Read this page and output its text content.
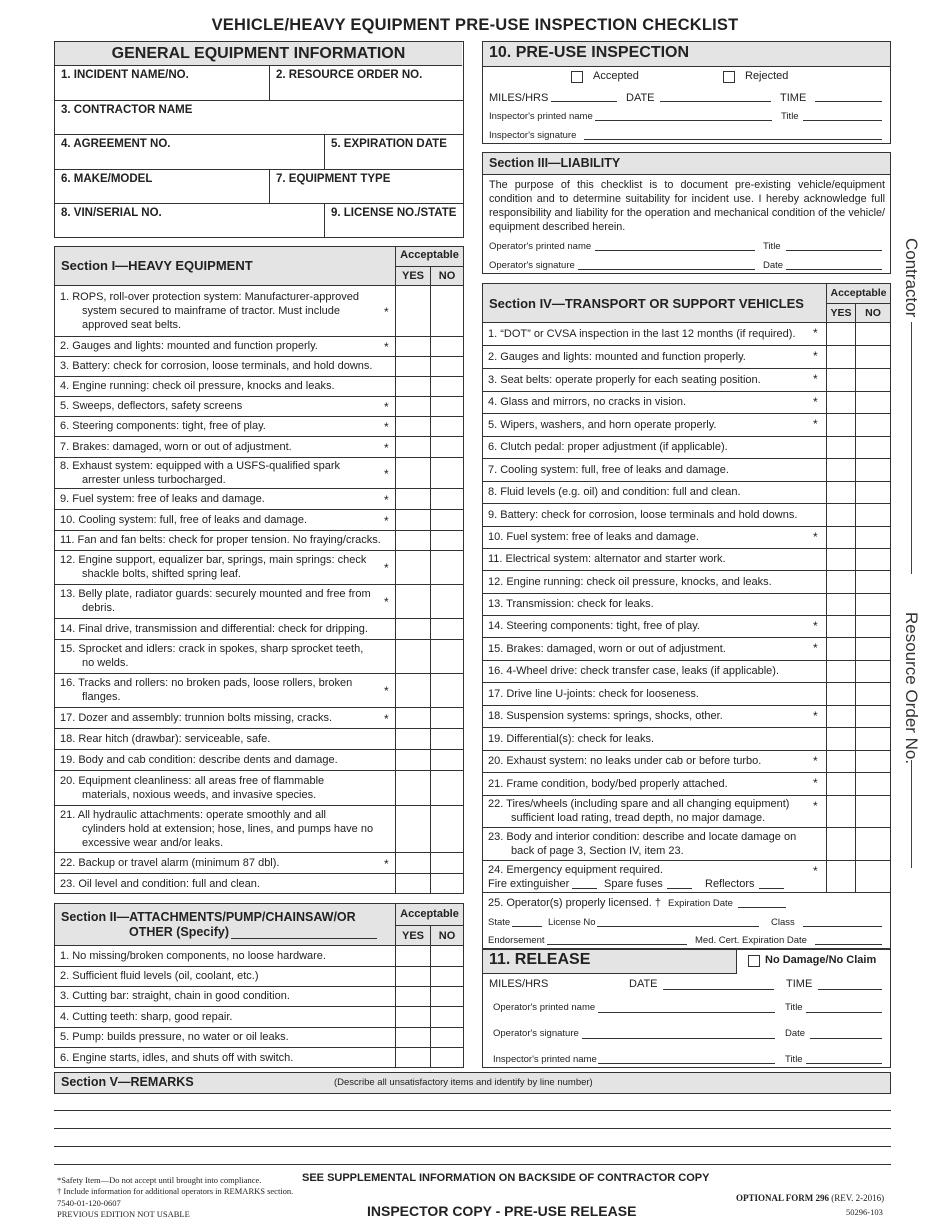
VEHICLE/HEAVY EQUIPMENT PRE-USE INSPECTION CHECKLIST
GENERAL EQUIPMENT INFORMATION
1. INCIDENT NAME/NO.	2. RESOURCE ORDER NO.
3. CONTRACTOR NAME
4. AGREEMENT NO.	5. EXPIRATION DATE
6. MAKE/MODEL	7. EQUIPMENT TYPE
8. VIN/SERIAL NO.	9. LICENSE NO./STATE
Section I—HEAVY EQUIPMENT
Acceptable
YES	NO
Section II—ATTACHMENTS/PUMP/CHAINSAW/OR
OTHER (Specify)
Acceptable
YES	NO
10. PRE-USE INSPECTION
Accepted	Rejected
MILES/HRS	DATE	TIME
Inspector's printed name	Title
Inspector's signature
Section III—LIABILITY
The purpose of this checklist is to document pre-existing vehicle/equipment
condition and to determine suitability for incident use. I hereby acknowledge full
responsibility and liability for the operation and mechanical condition of the vehicle/
equipment described herein.
Operator's printed name	Title
Operator's signature	Date
Section IV—TRANSPORT OR SUPPORT VEHICLES
Acceptable
YES	NO
24. Emergency equipment required.	*
Fire extinguisher	Spare fuses	Reflectors
25. Operator(s) properly licensed. † Expiration Date
State	License No	Class
Endorsement	Med. Cert. Expiration Date
11. RELEASE	No Damage/No Claim
MILES/HRS	DATE	TIME
Operator's printed name	Title
Operator's signature	Date
Inspector's printed name	Title
Section V—REMARKS	(Describe all unsatisfactory items and identify by line number)
Contractor
Resource Order No.
*Safety Item—Do not accept until brought into compliance.
† Include information for additional operators in REMARKS section.
7540-01-120-0607
PREVIOUS EDITION NOT USABLE
SEE SUPPLEMENTAL INFORMATION ON BACKSIDE OF CONTRACTOR COPY
INSPECTOR COPY - PRE-USE RELEASE
OPTIONAL FORM 296 (REV. 2-2016)
50296-103
1. ROPS, roll-over protection system: Manufacturer-approved
system secured to mainframe of tractor. Must include
approved seat belts.
*
2. Gauges and lights: mounted and function properly.	*
3. Battery: check for corrosion, loose terminals, and hold downs.
4. Engine running: check oil pressure, knocks and leaks.
5. Sweeps, deflectors, safety screens	*
6. Steering components: tight, free of play.	*
7. Brakes: damaged, worn or out of adjustment.	*
8. Exhaust system: equipped with a USFS-qualified spark
arrester unless turbocharged.	*
9. Fuel system: free of leaks and damage.	*
10. Cooling system: full, free of leaks and damage.	*
11. Fan and fan belts: check for proper tension. No fraying/cracks.
12. Engine support, equalizer bar, springs, main springs: check
shackle bolts, shifted spring leaf.	*
13. Belly plate, radiator guards: securely mounted and free from
debris.	*
14. Final drive, transmission and differential: check for dripping.
15. Sprocket and idlers: crack in spokes, sharp sprocket teeth,
no welds.
16. Tracks and rollers: no broken pads, loose rollers, broken
flanges.	*
17. Dozer and assembly: trunnion bolts missing, cracks.	*
18. Rear hitch (drawbar): serviceable, safe.
19. Body and cab condition: describe dents and damage.
20. Equipment cleanliness: all areas free of flammable
materials, noxious weeds, and invasive species.
21. All hydraulic attachments: operate smoothly and all
cylinders hold at extension; hose, lines, and pumps have no
excessive wear and/or leaks.
22. Backup or travel alarm (minimum 87 dbl).	*
23. Oil level and condition: full and clean.
1. No missing/broken components, no loose hardware.
2. Sufficient fluid levels (oil, coolant, etc.)
3. Cutting bar: straight, chain in good condition.
4. Cutting teeth: sharp, good repair.
5. Pump: builds pressure, no water or oil leaks.
6. Engine starts, idles, and shuts off with switch.
1. “DOT” or CVSA inspection in the last 12 months (if required). *
2. Gauges and lights: mounted and function properly.	*
3. Seat belts: operate properly for each seating position.	*
4. Glass and mirrors, no cracks in vision.	*
5. Wipers, washers, and horn operate properly.	*
6. Clutch pedal: proper adjustment (if applicable).
7. Cooling system: full, free of leaks and damage.
8. Fluid levels (e.g. oil) and condition: full and clean.
9. Battery: check for corrosion, loose terminals and hold downs.
10. Fuel system: free of leaks and damage.	*
11. Electrical system: alternator and starter work.
12. Engine running: check oil pressure, knocks, and leaks.
13. Transmission: check for leaks.
14. Steering components: tight, free of play.	*
15. Brakes: damaged, worn or out of adjustment.	*
16. 4-Wheel drive: check transfer case, leaks (if applicable).
17. Drive line U-joints: check for looseness.
18. Suspension systems: springs, shocks, other.	*
19. Differential(s): check for leaks.
20. Exhaust system: no leaks under cab or before turbo.	*
21. Frame condition, body/bed properly attached.	*
22. Tires/wheels (including spare and all changing equipment)
sufficient load rating, tread depth, no major damage.
*
23. Body and interior condition: describe and locate damage on
back of page 3, Section IV, item 23.
